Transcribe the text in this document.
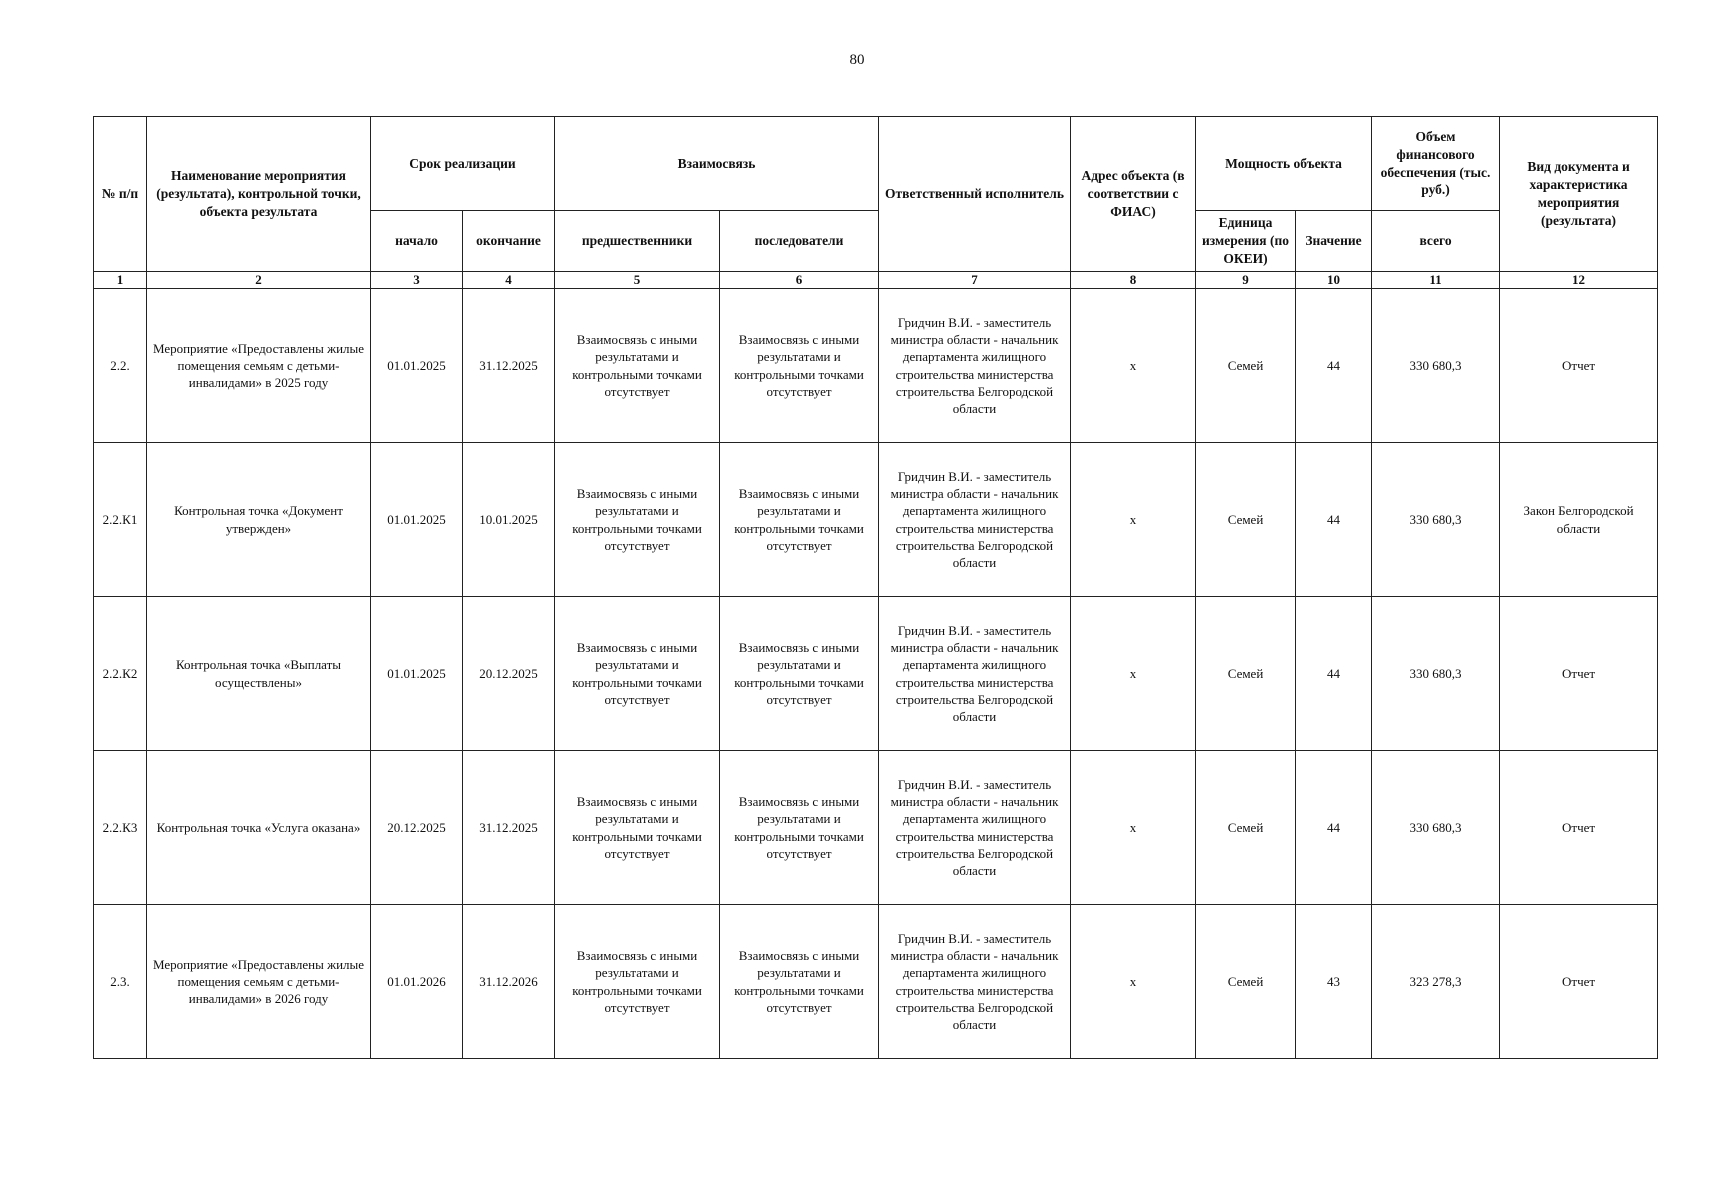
80
№ п/п	Наименование мероприятия (результата), контрольной точки, объекта результата	Срок реализации		Взаимосвязь		Ответственный исполнитель	Адрес объекта (в соответствии с ФИАС)	Мощность объекта		Объем финансового обеспечения (тыс. руб.)	Вид документа и характеристика мероприятия (результата)
		начало	окончание	предшественники	последователи			Единица измерения (по ОКЕИ)	Значение	всего	
1	2	3	4	5	6	7	8	9	10	11	12
2.2.	Мероприятие «Предоставлены жилые помещения семьям с детьми-инвалидами» в 2025 году	01.01.2025	31.12.2025	Взаимосвязь с иными результатами и контрольными точками отсутствует	Взаимосвязь с иными результатами и контрольными точками отсутствует	Гридчин В.И. - заместитель министра области - начальник департамента жилищного строительства министерства строительства Белгородской области	х	Семей	44	330 680,3	Отчет
2.2.К1	Контрольная точка «Документ утвержден»	01.01.2025	10.01.2025	Взаимосвязь с иными результатами и контрольными точками отсутствует	Взаимосвязь с иными результатами и контрольными точками отсутствует	Гридчин В.И. - заместитель министра области - начальник департамента жилищного строительства министерства строительства Белгородской области	х	Семей	44	330 680,3	Закон Белгородской области
2.2.К2	Контрольная точка «Выплаты осуществлены»	01.01.2025	20.12.2025	Взаимосвязь с иными результатами и контрольными точками отсутствует	Взаимосвязь с иными результатами и контрольными точками отсутствует	Гридчин В.И. - заместитель министра области - начальник департамента жилищного строительства министерства строительства Белгородской области	х	Семей	44	330 680,3	Отчет
2.2.К3	Контрольная точка «Услуга оказана»	20.12.2025	31.12.2025	Взаимосвязь с иными результатами и контрольными точками отсутствует	Взаимосвязь с иными результатами и контрольными точками отсутствует	Гридчин В.И. - заместитель министра области - начальник департамента жилищного строительства министерства строительства Белгородской области	х	Семей	44	330 680,3	Отчет
2.3.	Мероприятие «Предоставлены жилые помещения семьям с детьми-инвалидами» в 2026 году	01.01.2026	31.12.2026	Взаимосвязь с иными результатами и контрольными точками отсутствует	Взаимосвязь с иными результатами и контрольными точками отсутствует	Гридчин В.И. - заместитель министра области - начальник департамента жилищного строительства министерства строительства Белгородской области	х	Семей	43	323 278,3	Отчет
